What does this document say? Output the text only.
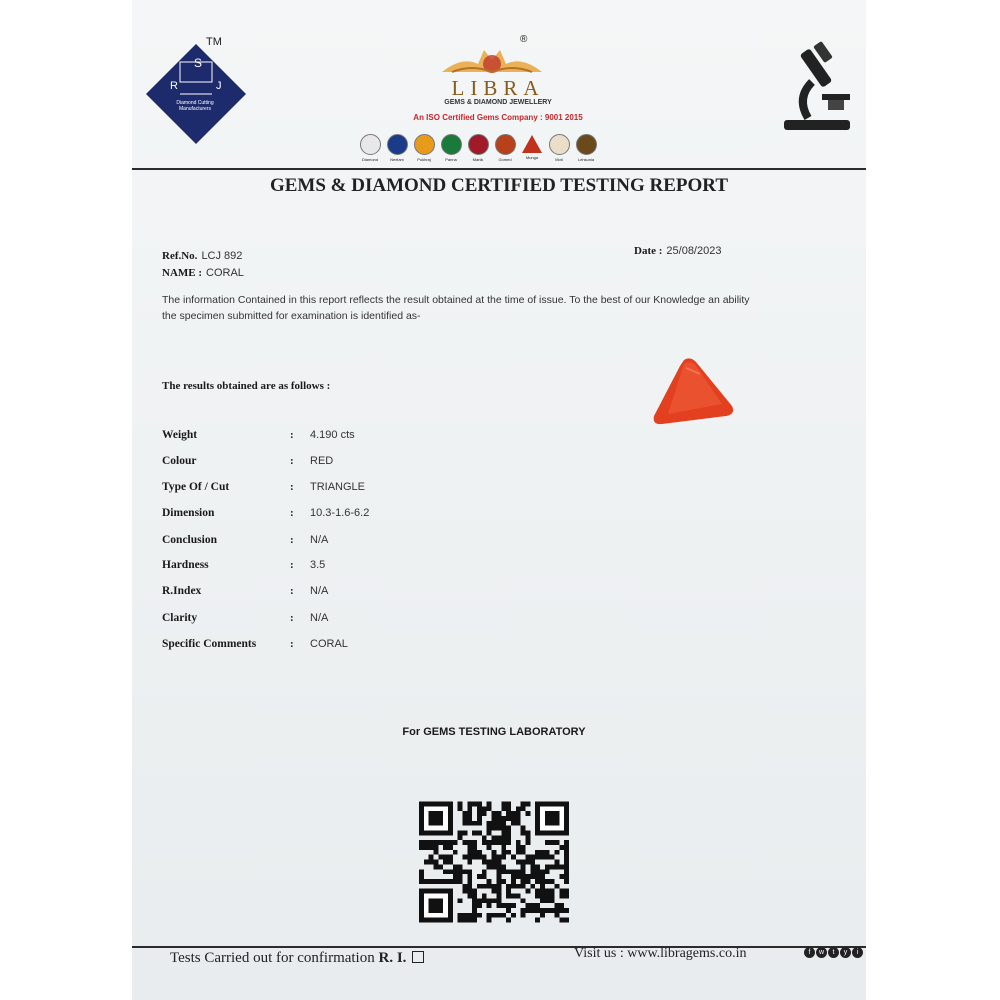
S
R	J
Diamond Cutting Manufacturers
TM	®
LIBRA
GEMS & DIAMOND JEWELLERY
An ISO Certified Gems Company : 9001 2015
Diamond	Neelam	Pukhraj	Panna	Manik	Gomed	Munga	Moti	Lehsunia
GEMS & DIAMOND CERTIFIED TESTING REPORT
Ref.No. LCJ 892
NAME : CORAL
Date : 25/08/2023
The information Contained in this report reflects the result obtained at the time of issue. To the best of our Knowledge an ability the specimen submitted for examination is identified as-
The results obtained are as follows :
Weight	: 4.190 cts
Colour	: RED
Type Of / Cut	: TRIANGLE
Dimension	: 10.3-1.6-6.2
Conclusion	: N/A
Hardness	: 3.5
R.Index	: N/A
Clarity	: N/A
Specific Comments	: CORAL
For GEMS TESTING LABORATORY
Tests Carried out for confirmation R. I.	Visit us : www.libragems.co.in	f	w	t	y	i
